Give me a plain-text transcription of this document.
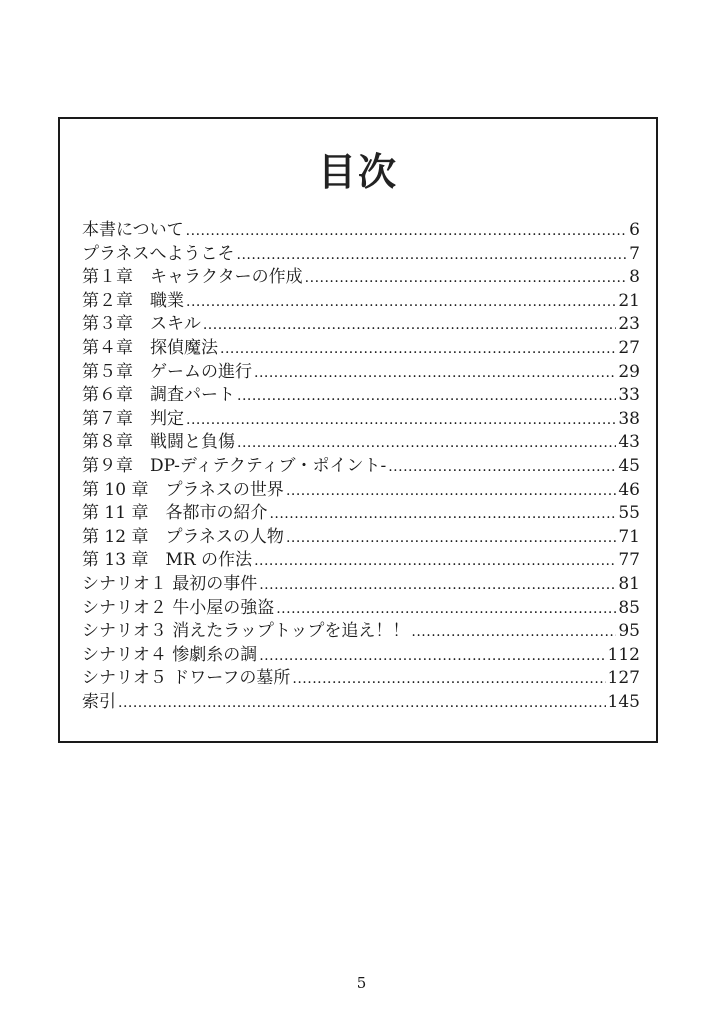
目次
本書について .....	6
プラネスへようこそ .....	7
第１章　キャラクターの作成 .....	8
第２章　職業 .....	21
第３章　スキル .....	23
第４章　探偵魔法 .....	27
第５章　ゲームの進行 .....	29
第６章　調査パート .....	33
第７章　判定 .....	38
第８章　戦闘と負傷 .....	43
第９章　DP-ディテクティブ・ポイント- .....	45
第 10 章　プラネスの世界 .....	46
第 11 章　各都市の紹介 .....	55
第 12 章　プラネスの人物 .....	71
第 13 章　MR の作法 .....	77
シナリオ１ 最初の事件 .....	81
シナリオ２ 牛小屋の強盗 .....	85
シナリオ３ 消えたラップトップを追え！！ .....	95
シナリオ４ 惨劇糸の調 .....	112
シナリオ５ ドワーフの墓所 .....	127
索引 .....	145
5
